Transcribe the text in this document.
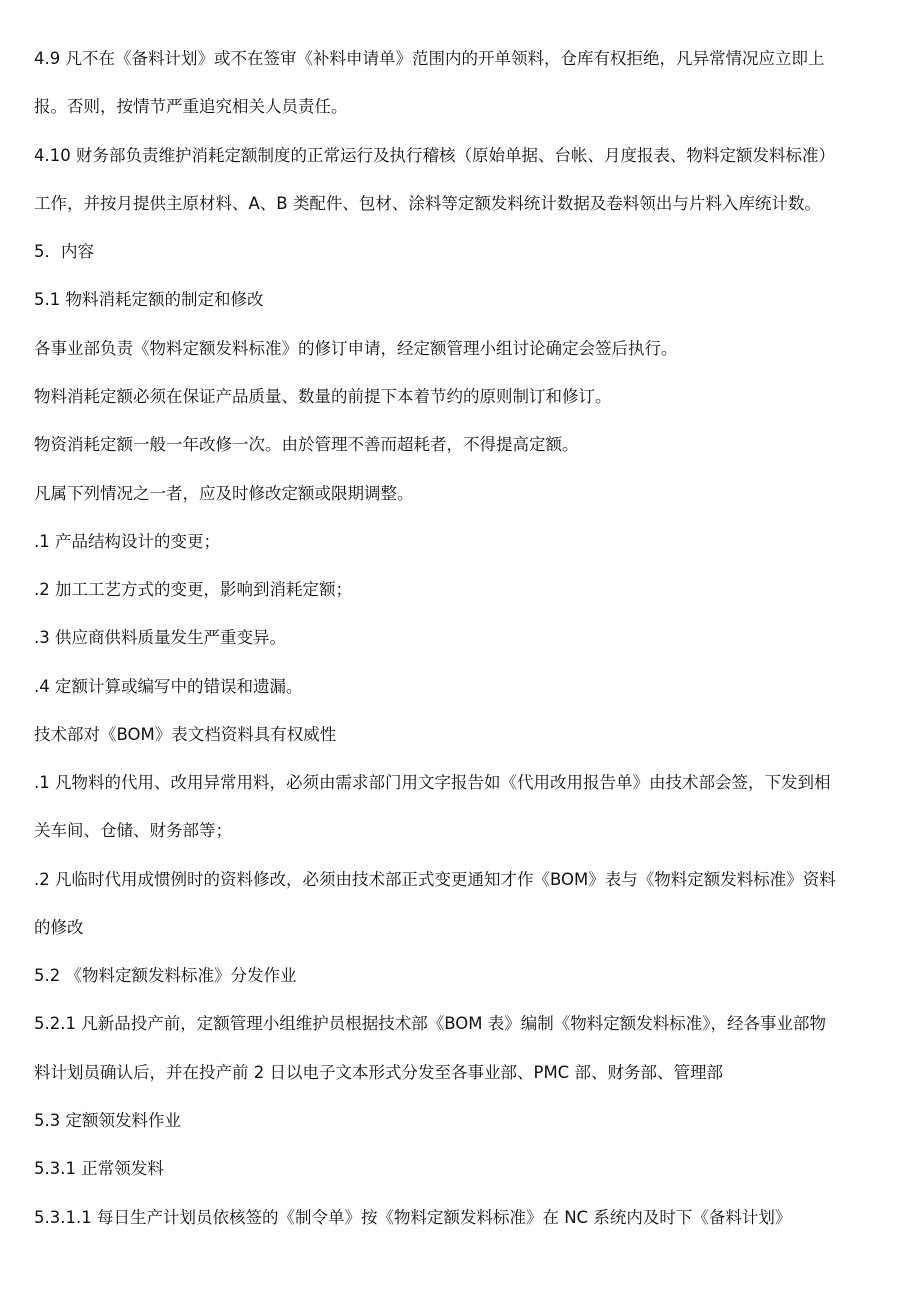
4.9 凡不在《备料计划》或不在签审《补料申请单》范围内的开单领料，仓库有权拒绝，凡异常情况应立即上
报。否则，按情节严重追究相关人员责任。
4.10 财务部负责维护消耗定额制度的正常运行及执行稽核（原始单据、台帐、月度报表、物料定额发料标准）
工作，并按月提供主原材料、A、B 类配件、包材、涂料等定额发料统计数据及卷料领出与片料入库统计数。
5．内容
5.1 物料消耗定额的制定和修改
各事业部负责《物料定额发料标准》的修订申请，经定额管理小组讨论确定会签后执行。
物料消耗定额必须在保证产品质量、数量的前提下本着节约的原则制订和修订。
物资消耗定额一般一年改修一次。由於管理不善而超耗者，不得提高定额。
凡属下列情况之一者，应及时修改定额或限期调整。
.1 产品结构设计的变更；
.2 加工工艺方式的变更，影响到消耗定额；
.3 供应商供料质量发生严重变异。
.4 定额计算或编写中的错误和遗漏。
技术部对《BOM》表文档资料具有权威性
.1 凡物料的代用、改用异常用料，必须由需求部门用文字报告如《代用改用报告单》由技术部会签，下发到相
关车间、仓储、财务部等；
.2 凡临时代用成惯例时的资料修改，必须由技术部正式变更通知才作《BOM》表与《物料定额发料标准》资料
的修改
5.2 《物料定额发料标准》分发作业
5.2.1 凡新品投产前，定额管理小组维护员根据技术部《BOM 表》编制《物料定额发料标准》，经各事业部物
料计划员确认后，并在投产前 2 日以电子文本形式分发至各事业部、PMC 部、财务部、管理部
5.3 定额领发料作业
5.3.1 正常领发料
5.3.1.1 每日生产计划员依核签的《制令单》按《物料定额发料标准》在 NC 系统内及时下《备料计划》
